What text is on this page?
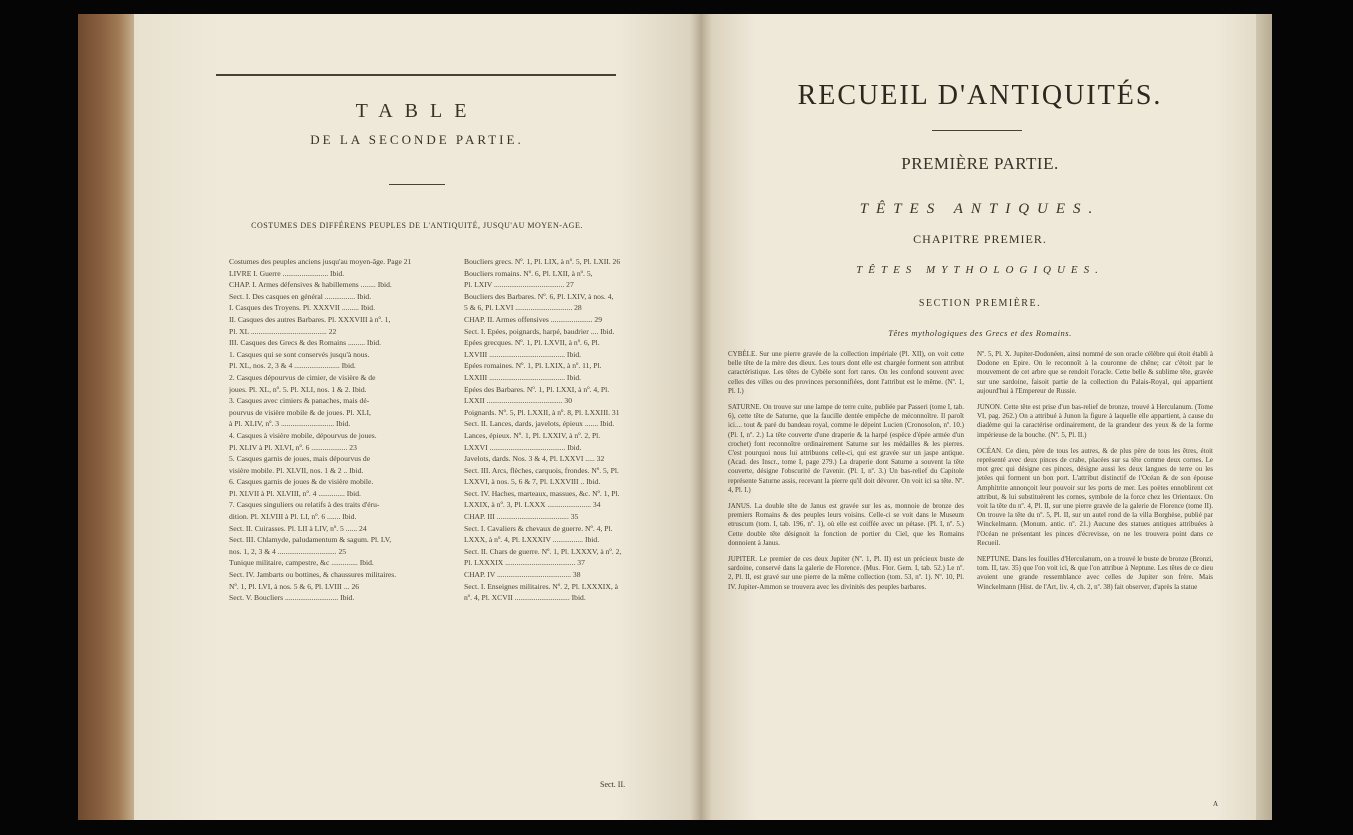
TABLE
DE LA SECONDE PARTIE.
COSTUMES DES DIFFÉRENS PEUPLES DE L'ANTIQUITÉ, JUSQU'AU MOYEN-AGE.
Costumes des peuples anciens jusqu'au moyen-âge. Page 21
LIVRE I. Guerre ........................ Ibid.
CHAP. I. Armes défensives & habillemens ........ Ibid.
Sect. I. Des casques en général ................ Ibid.
I. Casques des Troyens. Pl. XXXVII ......... Ibid.
II. Casques des autres Barbares. Pl. XXXVIII à nº. 1,
Pl. XL ........................................ 22
III. Casques des Grecs & des Romains ......... Ibid.
1. Casques qui se sont conservés jusqu'à nous.
Pl. XL, nos. 2, 3 & 4 ........................ Ibid.
2. Casques dépourvus de cimier, de visière & de
joues. Pl. XL, nº. 5. Pl. XLI, nos. 1 & 2. Ibid.
3. Casques avec cimiers & panaches, mais dé-
pourvus de visière mobile & de joues. Pl. XLI,
à Pl. XLIV, nº. 3 ............................ Ibid.
4. Casques à visière mobile, dépourvus de joues.
Pl. XLIV à Pl. XLVI, nº. 6 ................... 23
5. Casques garnis de joues, mais dépourvus de
visière mobile. Pl. XLVII, nos. 1 & 2 .. Ibid.
6. Casques garnis de joues & de visière mobile.
Pl. XLVII à Pl. XLVIII, nº. 4 .............. Ibid.
7. Casques singuliers ou relatifs à des traits d'éru-
dition. Pl. XLVIII à Pl. LI, nº. 6 ....... Ibid.
Sect. II. Cuirasses. Pl. LII à LIV, nº. 5 ...... 24
Sect. III. Chlamyde, paludamentum & sagum. Pl. LV,
nos. 1, 2, 3 & 4 ............................... 25
Tunique militaire, campestre, &c .............. Ibid.
Sect. IV. Jambarts ou bottines, & chaussures militaires.
Nº. 1, Pl. LVI, à nos. 5 & 6, Pl. LVIII ... 26
Sect. V. Boucliers ............................ Ibid.
Boucliers grecs. Nº. 1, Pl. LIX, à nº. 5, Pl. LXII. 26
Boucliers romains. Nº. 6, Pl. LXII, à nº. 5,
Pl. LXIV ..................................... 27
Boucliers des Barbares. Nº. 6, Pl. LXIV, à nos. 4,
5 & 6, Pl. LXVI .............................. 28
CHAP. II. Armes offensives ...................... 29
Sect. I. Epées, poignards, harpé, baudrier .... Ibid.
Epées grecques. Nº. 1, Pl. LXVII, à nº. 6, Pl.
LXVIII ........................................ Ibid.
Epées romaines. Nº. 1, Pl. LXIX, à nº. 11, Pl.
LXXIII ........................................ Ibid.
Epées des Barbares. Nº. 1, Pl. LXXI, à nº. 4, Pl.
LXXII ........................................ 30
Poignards. Nº. 5, Pl. LXXII, à nº. 8, Pl. LXXIII. 31
Sect. II. Lances, dards, javelots, épieux ....... Ibid.
Lances, épieux. Nº. 1, Pl. LXXIV, à nº. 2, Pl.
LXXVI ........................................ Ibid.
Javelots, dards. Nos. 3 & 4, Pl. LXXVI ..... 32
Sect. III. Arcs, flèches, carquois, frondes. Nº. 5, Pl.
LXXVI, à nos. 5, 6 & 7, Pl. LXXVIII .. Ibid.
Sect. IV. Haches, marteaux, massues, &c. Nº. 1, Pl.
LXXIX, à nº. 3, Pl. LXXX ....................... 34
CHAP. III ...................................... 35
Sect. I. Cavaliers & chevaux de guerre. Nº. 4, Pl.
LXXX, à nº. 4, Pl. LXXXIV ................ Ibid.
Sect. II. Chars de guerre. Nº. 1, Pl. LXXXV, à nº. 2,
Pl. LXXXIX ..................................... 37
CHAP. IV ....................................... 38
Sect. I. Enseignes militaires. Nº. 2, Pl. LXXXIX, à
nº. 4, Pl. XCVII ............................. Ibid.
Sect. II.
RECUEIL D'ANTIQUITÉS.
PREMIÈRE PARTIE.
TÊTES ANTIQUES.
CHAPITRE PREMIER.
TÊTES MYTHOLOGIQUES.
SECTION PREMIÈRE.
Têtes mythologiques des Grecs et des Romains.

CYBÈLE. Sur une pierre gravée de la collection impériale (Pl. XII), on voit cette belle tête de la mère des dieux. Les tours dont elle est chargée forment son attribut caractéristique. Les têtes de Cybèle sont fort rares. On les confond souvent avec celles des villes ou des provinces personnifiées, dont l'attribut est le même. (Nº. 1, Pl. I.)

SATURNE. On trouve sur une lampe de terre cuite, publiée par Passeri (tome I, tab. 6), cette tête de Saturne, que la faucille dentée empêche de méconnoître. Il paroît ici.... tout & paré du bandeau royal, comme le dépeint Lucien (Cronosolon, nº. 10.) (Pl. I, nº. 2.) La tête couverte d'une draperie & la harpé (espèce d'épée armée d'un crochet) font reconnoître ordinairement Saturne sur les médailles & les pierres. C'est pourquoi nous lui attribuons celle-ci, qui est gravée sur un jaspe antique. (Acad. des Inscr., tome I, page 279.) La draperie dont Saturne a souvent la tête couverte, désigne l'obscurité de l'avenir. (Pl. I, nº. 3.) Un bas-relief du Capitole représente Saturne assis, recevant la pierre qu'il doit dévorer. On voit ici sa tête. Nº. 4, Pl. I.)

JANUS. La double tête de Janus est gravée sur les as, monnoie de bronze des premiers Romains & des peuples leurs voisins. Celle-ci se voit dans le Museum etruscum (tom. I, tab. 196, nº. 1), où elle est coiffée avec un pétase. (Pl. I, nº. 5.) Cette double tête désignoit la fonction de portier du Ciel, que les Romains donnoient à Janus.

JUPITER. Le premier de ces deux Jupiter (Nº. 1, Pl. II) est un précieux buste de sardoine, conservé dans la galerie de Florence. (Mus. Flor. Gem. I, tab. 52.) Le nº. 2, Pl. II, est gravé sur une pierre de la même collection (tom. 53, nº. 1). Nº. 10, Pl. IV. Jupiter-Ammon se trouvera avec les divinités des peuples barbares.

Nº. 5, Pl. X. Jupiter-Dodonéen, ainsi nommé de son oracle célèbre qui étoit établi à Dodone en Epire. On le reconnoît à la couronne de chêne; car c'étoit par le mouvement de cet arbre que se rendoit l'oracle. Cette belle & sublime tête, gravée sur une sardoine, faisoit partie de la collection du Palais-Royal, qui appartient aujourd'hui à l'Empereur de Russie.

JUNON. Cette tête est prise d'un bas-relief de bronze, trouvé à Herculanum. (Tome VI, pag. 262.) On a attribué à Junon la figure à laquelle elle appartient, à cause du diadème qui la caractérise ordinairement, de la grandeur des yeux & de la forme impérieuse de la bouche. (Nº. 5, Pl. II.)

OCÉAN. Ce dieu, père de tous les autres, & de plus père de tous les êtres, étoit représenté avec deux pinces de crabe, placées sur sa tête comme deux cornes. Le mot grec qui désigne ces pinces, désigne aussi les deux langues de terre ou les jetées qui forment un bon port. L'attribut distinctif de l'Océan & de son épouse Amphitrite annonçoit leur pouvoir sur les ports de mer. Les poètes ennoblirent cet attribut, & lui substituèrent les cornes, symbole de la force chez les Orientaux. On voit la tête du nº. 4, Pl. II, sur une pierre gravée de la galerie de Florence (tome II). On trouve la tête du nº. 5, Pl. II, sur un autel rond de la villa Borghèse, publié par Winckelmann. (Monum. antic. nº. 21.) Aucune des statues antiques attribuées à l'Océan ne présentant les pinces d'écrevisse, on ne les trouvera point dans ce Recueil.

NEPTUNE. Dans les fouilles d'Herculanum, on a trouvé le buste de bronze (Bronzi, tom. II, tav. 35) que l'on voit ici, & que l'on attribue à Neptune. Les têtes de ce dieu avoient une grande ressemblance avec celles de Jupiter son frère. Mais Winckelmann (Hist. de l'Art, liv. 4, ch. 2, nº. 38) fait observer, d'après la statue

A
